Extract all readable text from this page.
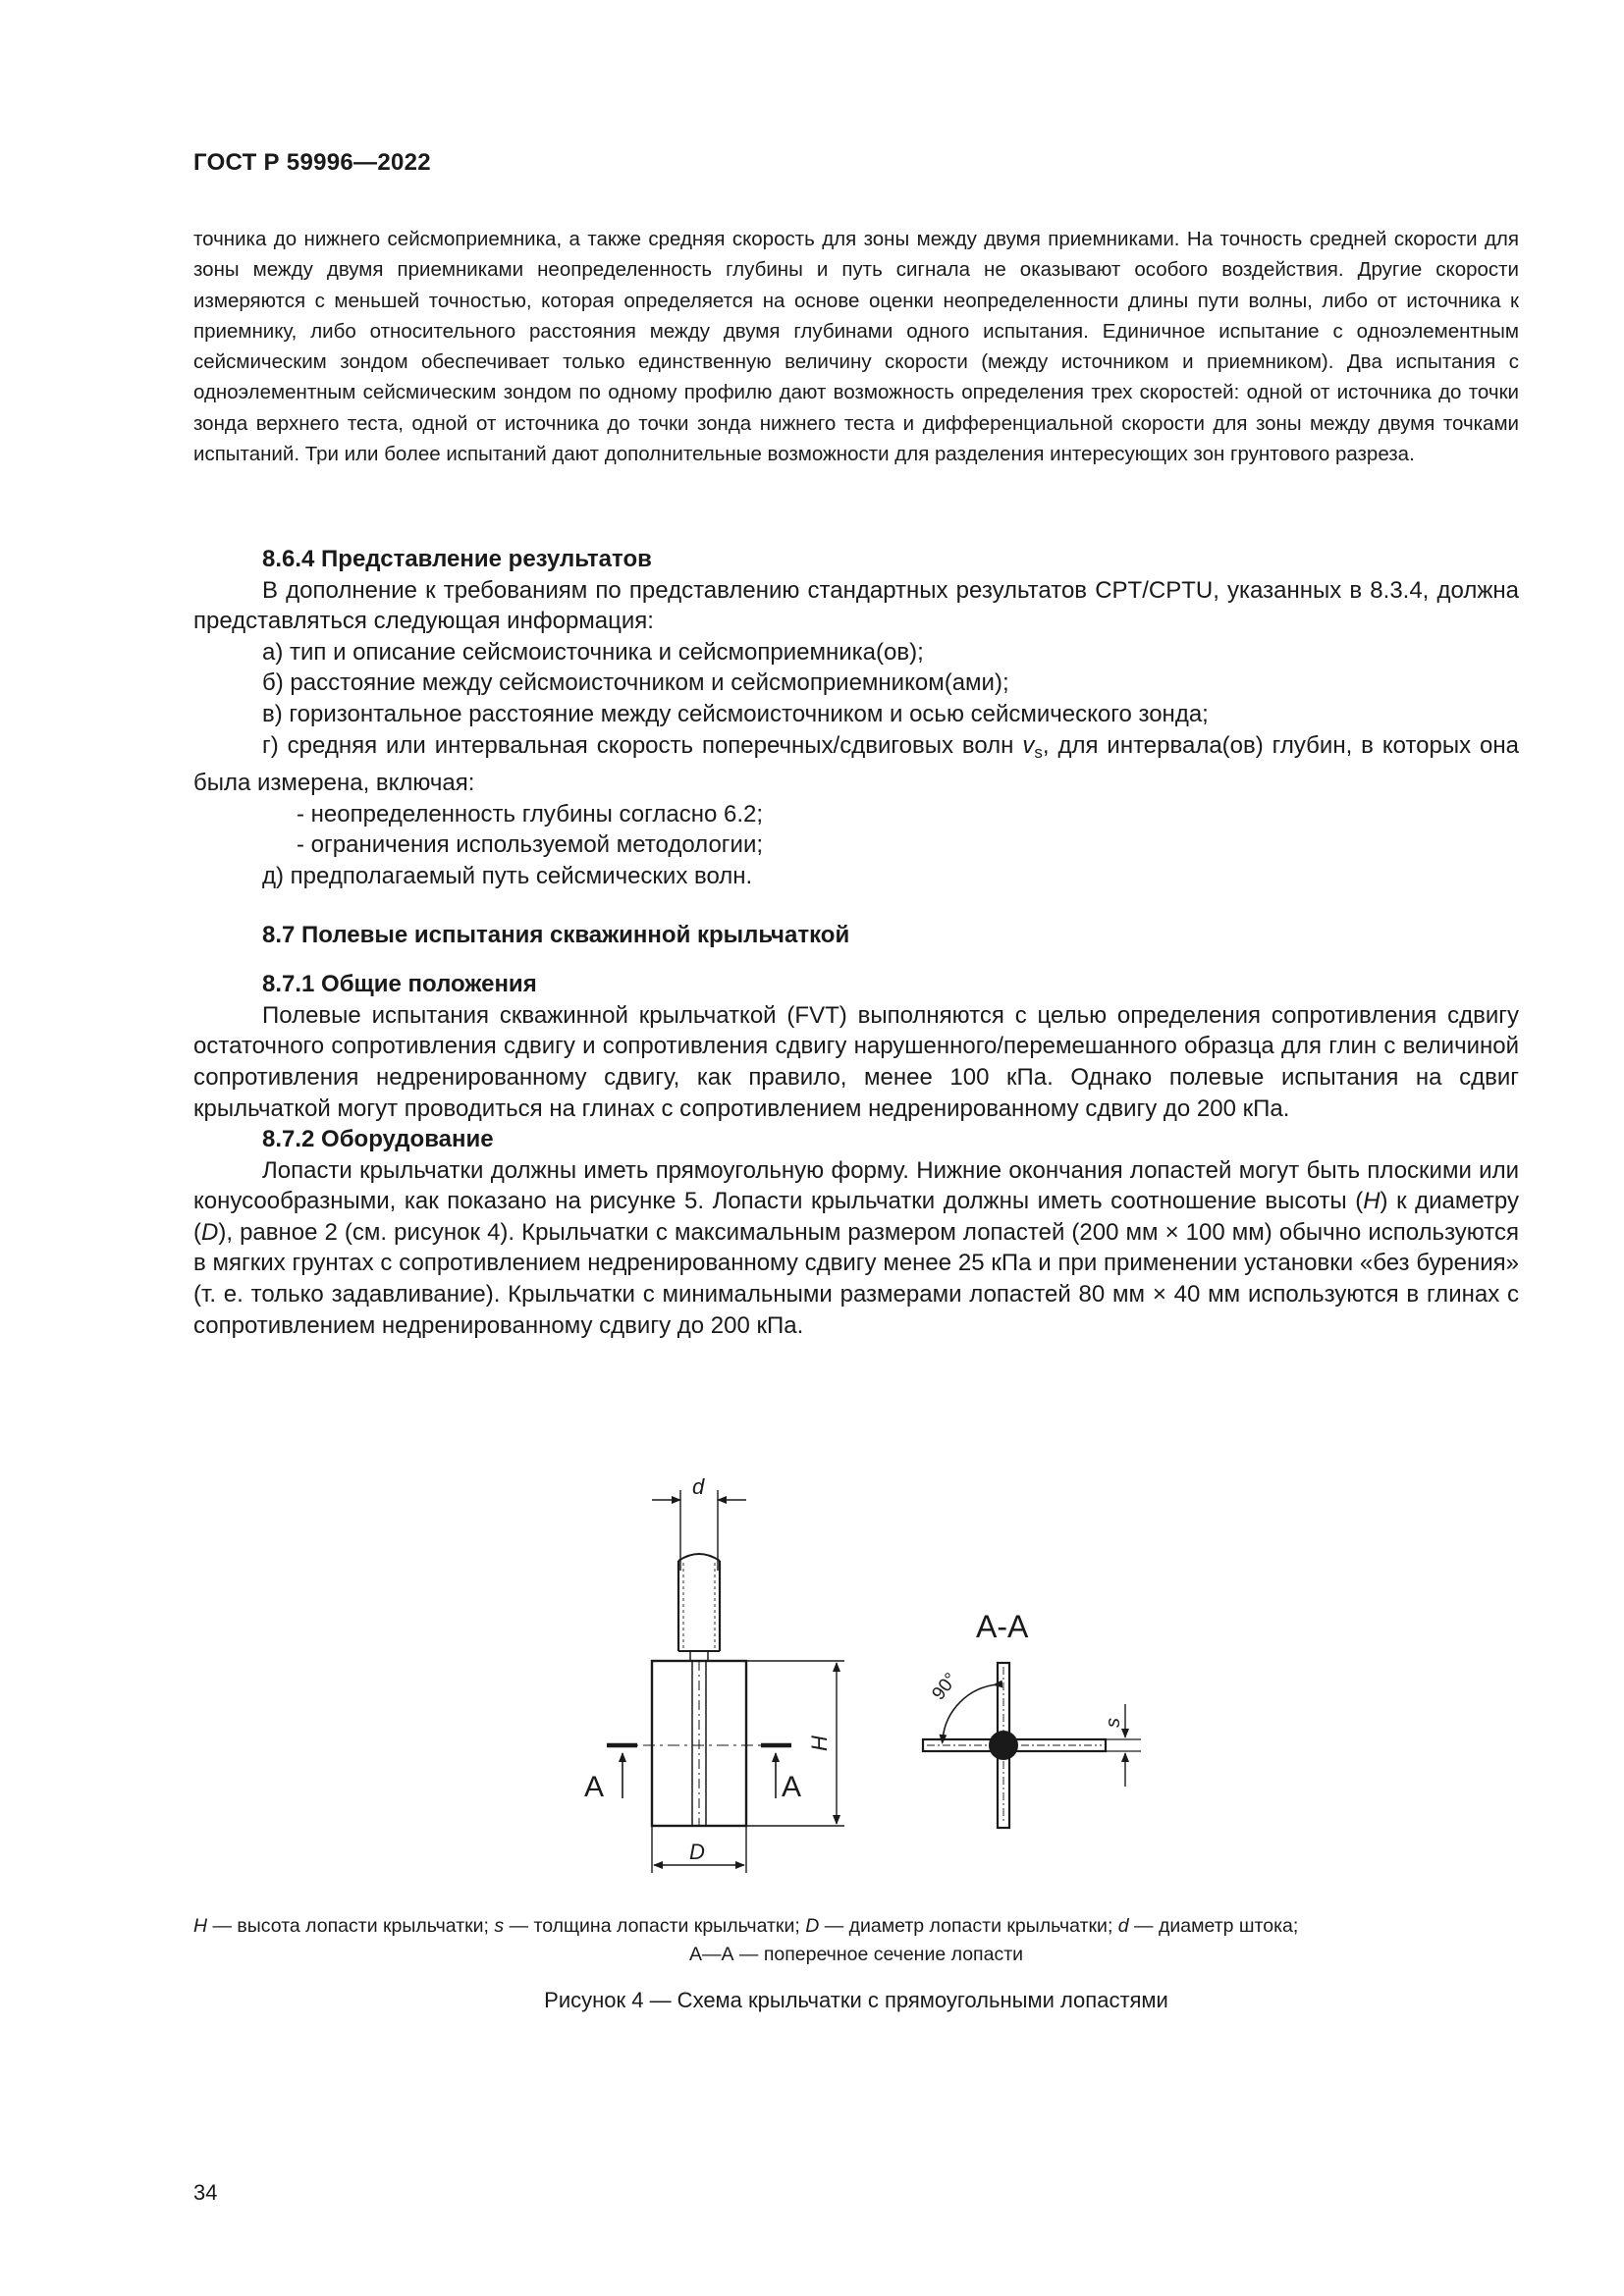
ГОСТ Р 59996—2022

точника до нижнего сейсмоприемника, а также средняя скорость для зоны между двумя приемниками. На точность средней скорости для зоны между двумя приемниками неопределенность глубины и путь сигнала не оказывают особого воздействия. Другие скорости измеряются с меньшей точностью, которая определяется на основе оценки неопределенности длины пути волны, либо от источника к приемнику, либо относительного расстояния между двумя глубинами одного испытания. Единичное испытание с одноэлементным сейсмическим зондом обеспечивает только единственную величину скорости (между источником и приемником). Два испытания с одноэлементным сейсмическим зондом по одному профилю дают возможность определения трех скоростей: одной от источника до точки зонда верхнего теста, одной от источника до точки зонда нижнего теста и дифференциальной скорости для зоны между двумя точками испытаний. Три или более испытаний дают дополнительные возможности для разделения интересующих зон грунтового разреза.

8.6.4 Представление результатов

В дополнение к требованиям по представлению стандартных результатов CPT/CPTU, указанных в 8.3.4, должна представляться следующая информация:

а) тип и описание сейсмоисточника и сейсмоприемника(ов);

б) расстояние между сейсмоисточником и сейсмоприемником(ами);

в) горизонтальное расстояние между сейсмоисточником и осью сейсмического зонда;

г) средняя или интервальная скорость поперечных/сдвиговых волн $v_s$, для интервала(ов) глубин, в которых она была измерена, включая:

- неопределенность глубины согласно 6.2;

- ограничения используемой методологии;

д) предполагаемый путь сейсмических волн.

8.7 Полевые испытания скважинной крыльчаткой

8.7.1 Общие положения

Полевые испытания скважинной крыльчаткой (FVT) выполняются с целью определения сопротивления сдвигу остаточного сопротивления сдвигу и сопротивления сдвигу нарушенного/перемешанного образца для глин с величиной сопротивления недренированному сдвигу, как правило, менее 100 кПа. Однако полевые испытания на сдвиг крыльчаткой могут проводиться на глинах с сопротивлением недренированному сдвигу до 200 кПа.

8.7.2 Оборудование

Лопасти крыльчатки должны иметь прямоугольную форму. Нижние окончания лопастей могут быть плоскими или конусообразными, как показано на рисунке 5. Лопасти крыльчатки должны иметь соотношение высоты (H) к диаметру (D), равное 2 (см. рисунок 4). Крыльчатки с максимальным размером лопастей (200 мм × 100 мм) обычно используются в мягких грунтах с сопротивлением недренированному сдвигу менее 25 кПа и при применении установки «без бурения» (т. е. только задавливание). Крыльчатки с минимальными размерами лопастей 80 мм × 40 мм используются в глинах с сопротивлением недренированному сдвигу до 200 кПа.

d
H
D
A	A
A-A
90°
s

H — высота лопасти крыльчатки; s — толщина лопасти крыльчатки; D — диаметр лопасти крыльчатки; d — диаметр штока;

А—А — поперечное сечение лопасти

Рисунок 4 — Схема крыльчатки с прямоугольными лопастями
34
